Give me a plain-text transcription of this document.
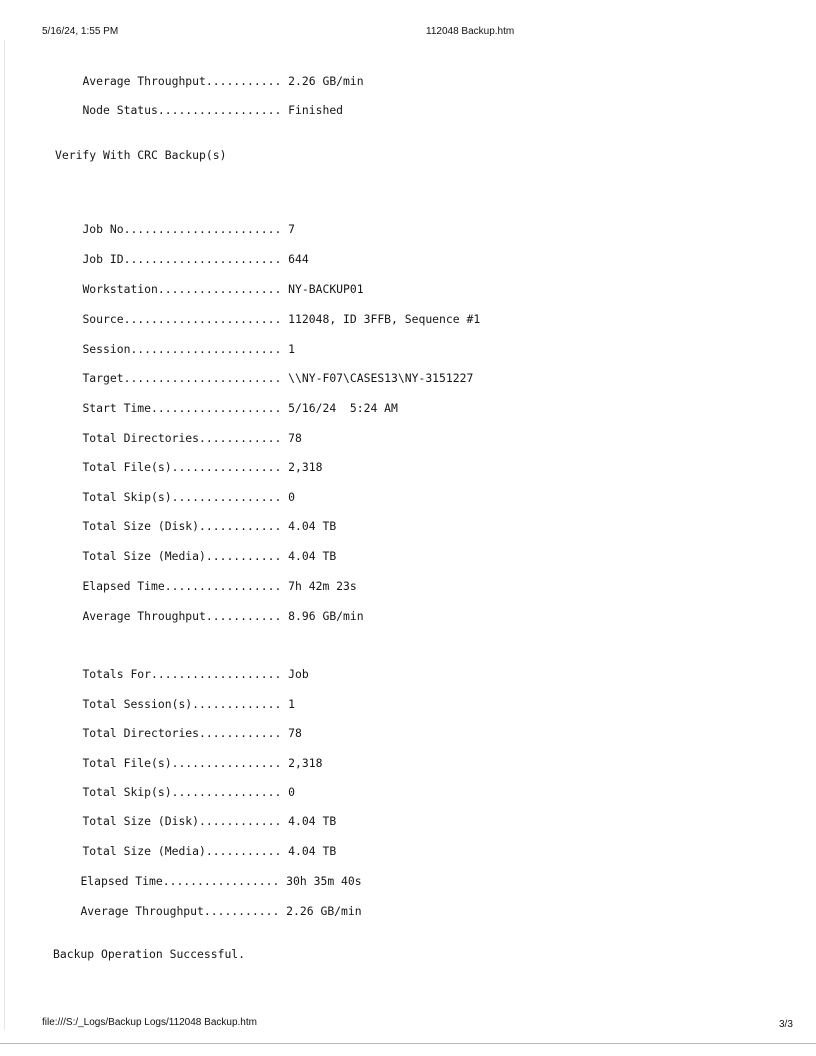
5/16/24, 1:55 PM	112048 Backup.htm

Average Throughput........... 2.26 GB/min

Node Status.................. Finished

Verify With CRC Backup(s)

Job No....................... 7

Job ID....................... 644

Workstation.................. NY-BACKUP01

Source....................... 112048, ID 3FFB, Sequence #1

Session...................... 1

Target....................... \\NY-F07\CASES13\NY-3151227

Start Time................... 5/16/24  5:24 AM

Total Directories............ 78

Total File(s)................ 2,318

Total Skip(s)................ 0

Total Size (Disk)............ 4.04 TB

Total Size (Media)........... 4.04 TB

Elapsed Time................. 7h 42m 23s

Average Throughput........... 8.96 GB/min

Totals For................... Job

Total Session(s)............. 1

Total Directories............ 78

Total File(s)................ 2,318

Total Skip(s)................ 0

Total Size (Disk)............ 4.04 TB

Total Size (Media)........... 4.04 TB

Elapsed Time................. 30h 35m 40s

Average Throughput........... 2.26 GB/min

Backup Operation Successful.
file:///S:/_Logs/Backup Logs/112048 Backup.htm	3/3
